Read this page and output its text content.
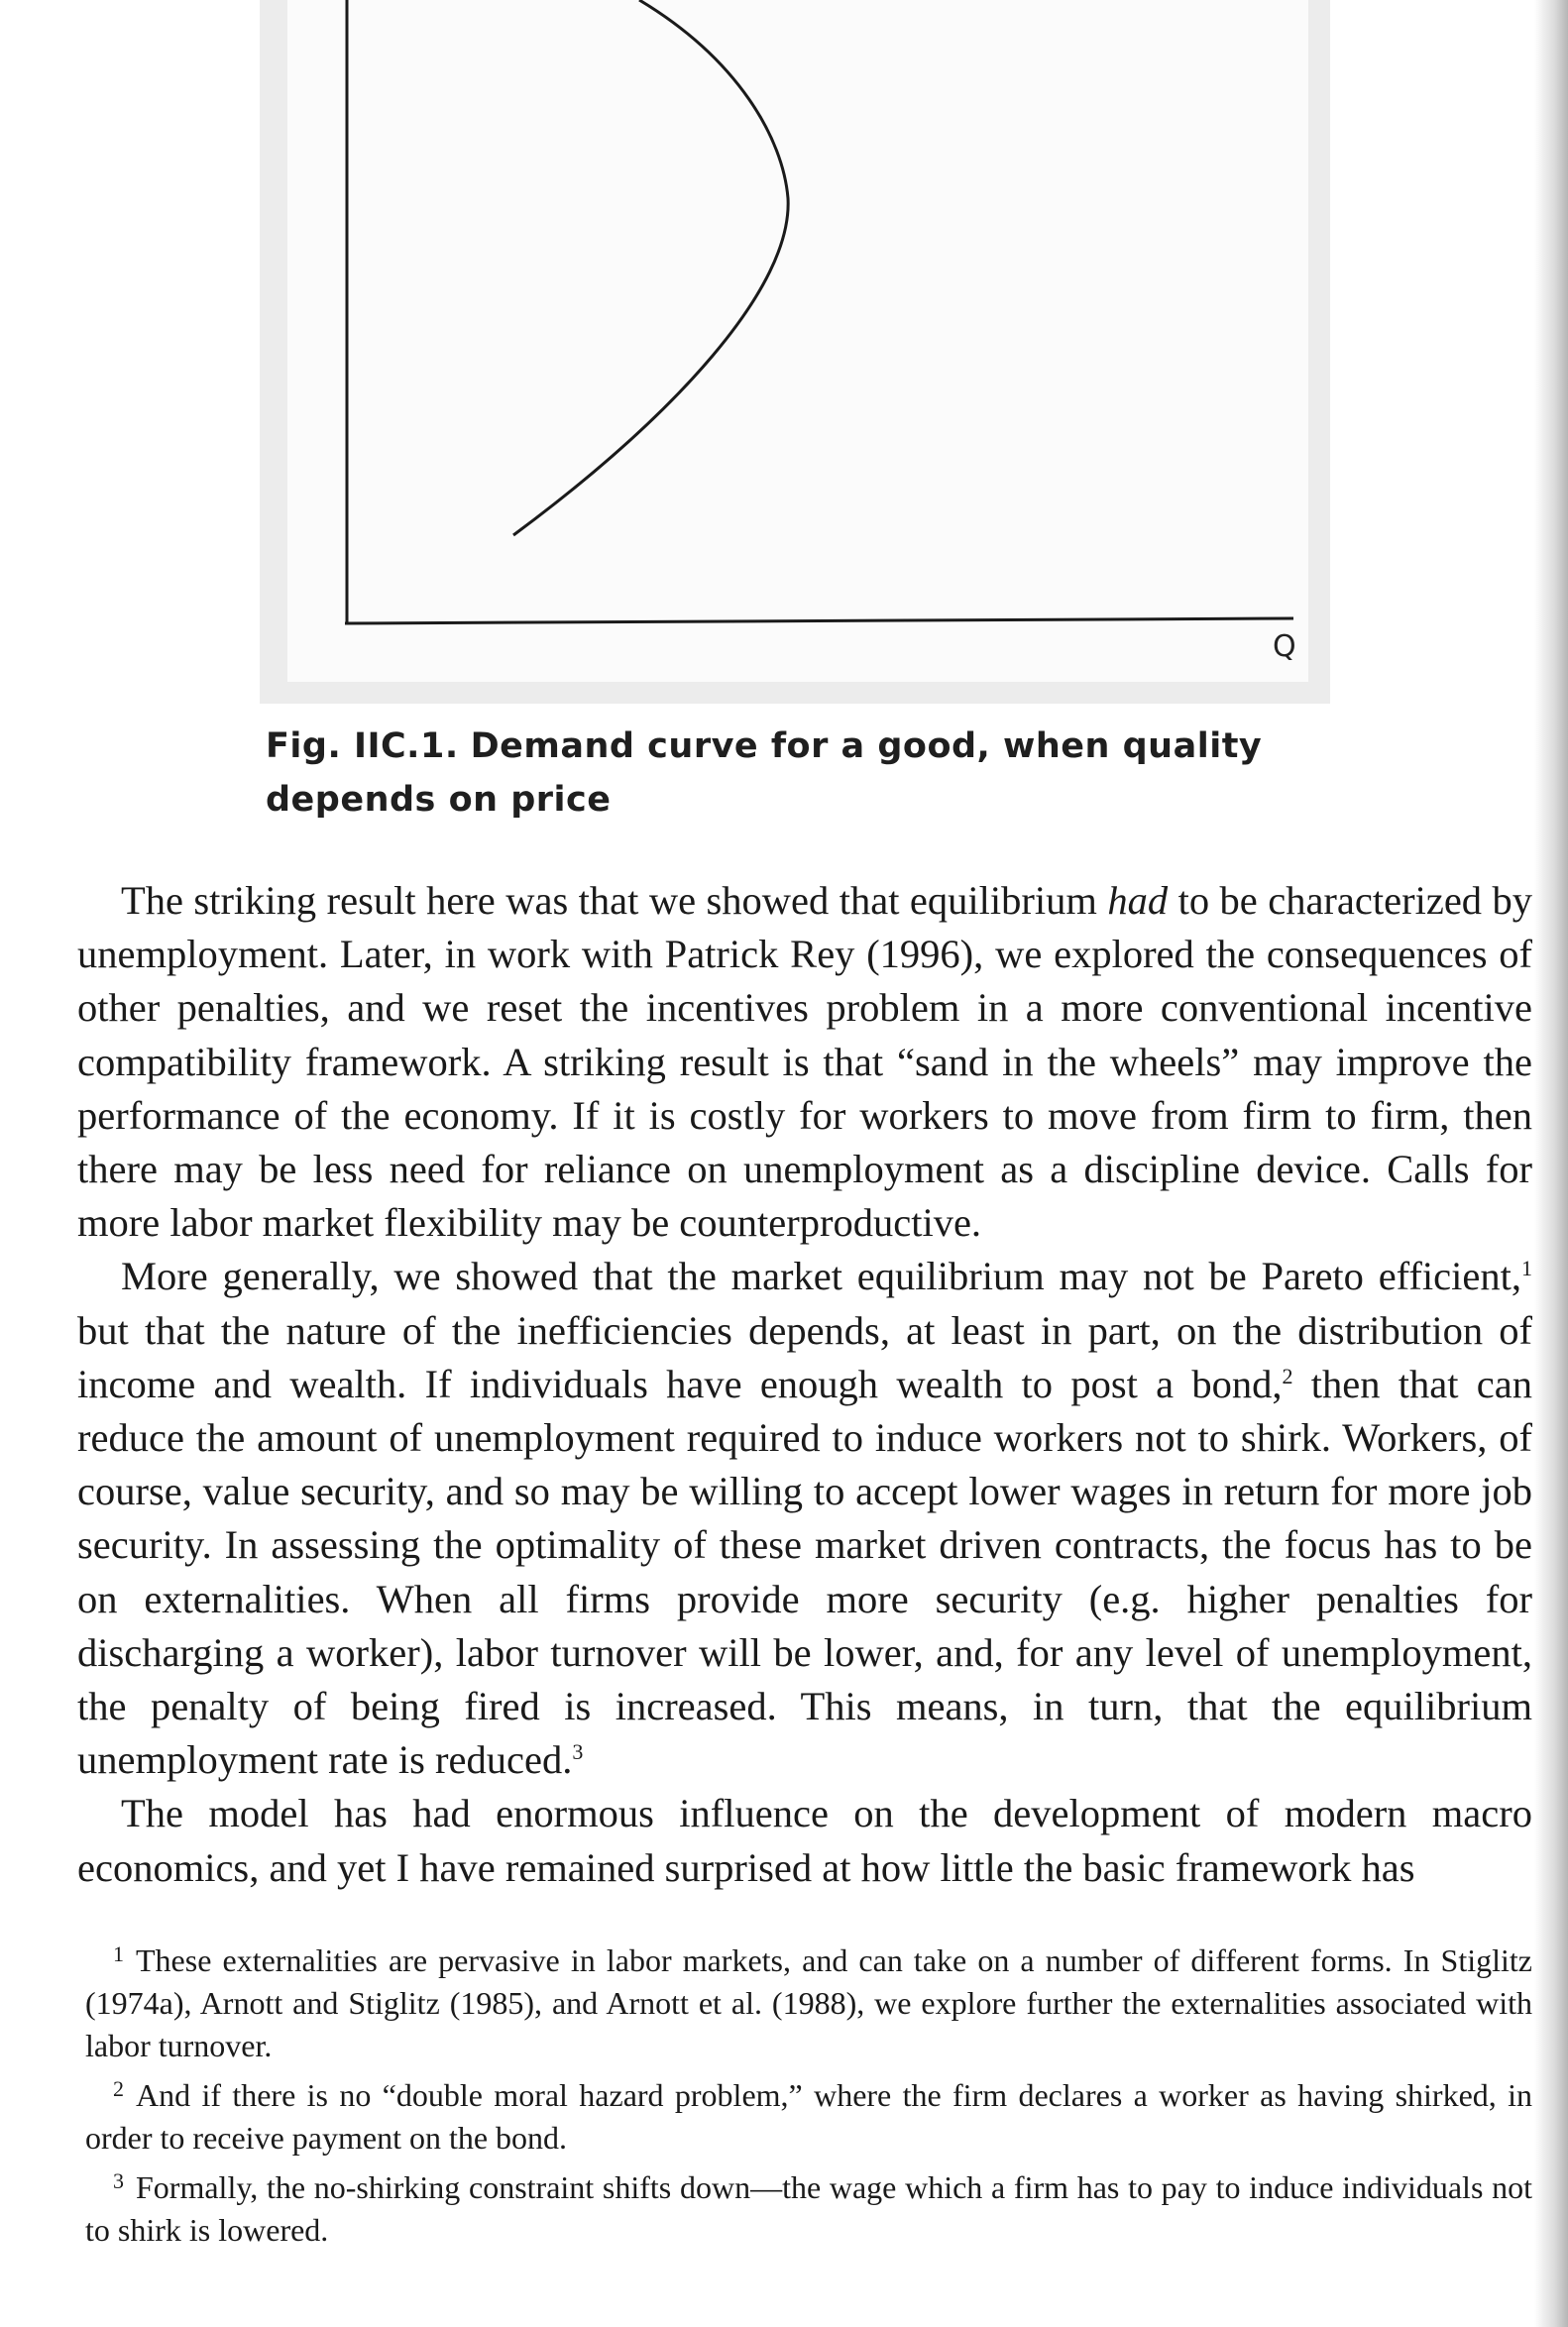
Q
Fig. IIC.1. Demand curve for a good, when quality depends on price

The striking result here was that we showed that equilibrium had to be characterized by unemployment. Later, in work with Patrick Rey (1996), we explored the consequences of other penalties, and we reset the incentives problem in a more conventional incentive compatibility framework. A striking result is that “sand in the wheels” may improve the performance of the economy. If it is costly for workers to move from firm to firm, then there may be less need for reliance on unemployment as a discipline device. Calls for more labor market flexibility may be counterproductive.

More generally, we showed that the market equilibrium may not be Pareto efficient,$^1$ but that the nature of the inefficiencies depends, at least in part, on the distribution of income and wealth. If individuals have enough wealth to post a bond,$^2$ then that can reduce the amount of unemployment required to induce workers not to shirk. Workers, of course, value security, and so may be willing to accept lower wages in return for more job security. In assessing the optimality of these market driven contracts, the focus has to be on externalities. When all firms provide more security (e.g. higher penalties for discharging a worker), labor turnover will be lower, and, for any level of unemployment, the penalty of being fired is increased. This means, in turn, that the equilibrium unemployment rate is reduced.$^3$

The model has had enormous influence on the development of modern macro economics, and yet I have remained surprised at how little the basic framework has

$^1$ These externalities are pervasive in labor markets, and can take on a number of different forms. In Stiglitz (1974a), Arnott and Stiglitz (1985), and Arnott et al. (1988), we explore further the externalities associated with labor turnover.

$^2$ And if there is no “double moral hazard problem,” where the firm declares a worker as having shirked, in order to receive payment on the bond.

$^3$ Formally, the no-shirking constraint shifts down—the wage which a firm has to pay to induce individuals not to shirk is lowered.
